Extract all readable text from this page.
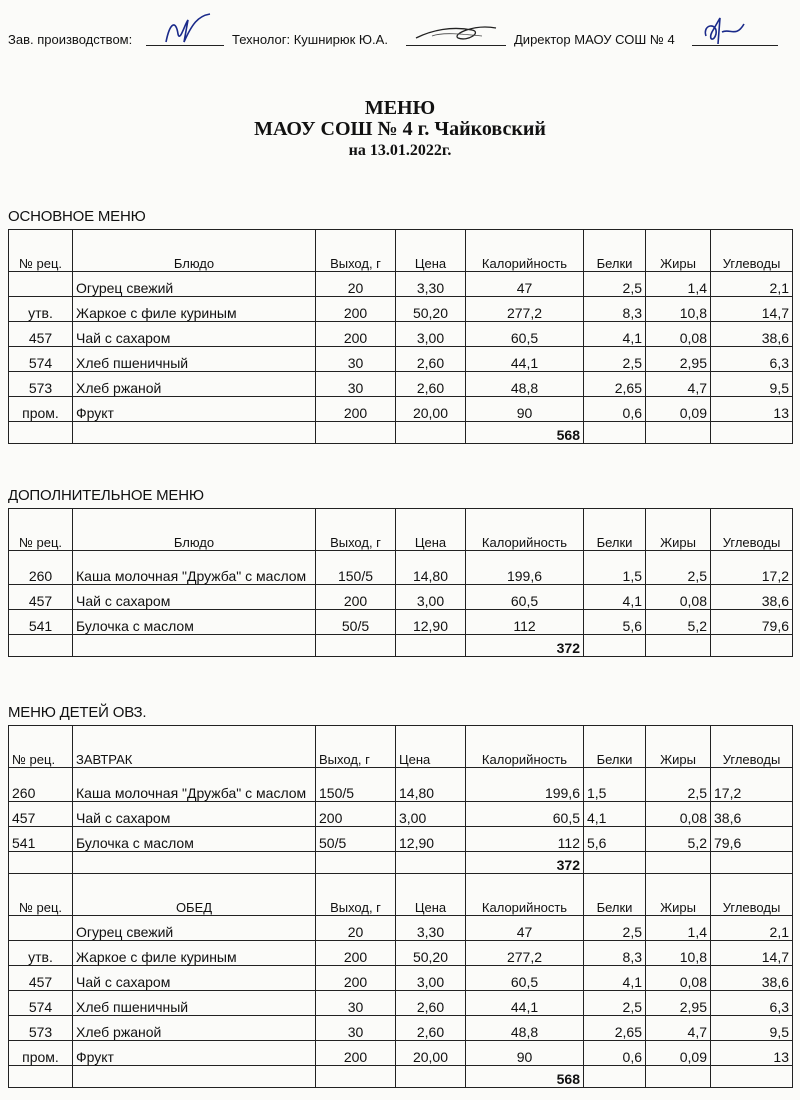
Зав. производством:	Технолог: Кушнирюк Ю.А.	Директор МАОУ СОШ № 4
МЕНЮ
МАОУ СОШ № 4 г. Чайковский
на 13.01.2022г.
ОСНОВНОЕ МЕНЮ
№ рец.	Блюдо	Выход, г	Цена	Калорийность	Белки	Жиры	Углеводы
	Огурец свежий	20	3,30	47	2,5	1,4	2,1
утв.	Жаркое с филе куриным	200	50,20	277,2	8,3	10,8	14,7
457	Чай с сахаром	200	3,00	60,5	4,1	0,08	38,6
574	Хлеб пшеничный	30	2,60	44,1	2,5	2,95	6,3
573	Хлеб ржаной	30	2,60	48,8	2,65	4,7	9,5
пром.	Фрукт	200	20,00	90	0,6	0,09	13
				568			
ДОПОЛНИТЕЛЬНОЕ МЕНЮ
№ рец.	Блюдо	Выход, г	Цена	Калорийность	Белки	Жиры	Углеводы
260	Каша молочная "Дружба" с маслом	150/5	14,80	199,6	1,5	2,5	17,2
457	Чай с сахаром	200	3,00	60,5	4,1	0,08	38,6
541	Булочка с маслом	50/5	12,90	112	5,6	5,2	79,6
				372			
МЕНЮ ДЕТЕЙ ОВЗ.
№ рец.	ЗАВТРАК	Выход, г	Цена	Калорийность	Белки	Жиры	Углеводы
260	Каша молочная "Дружба" с маслом	150/5	14,80	199,6	1,5	2,5	17,2
457	Чай с сахаром	200	3,00	60,5	4,1	0,08	38,6
541	Булочка с маслом	50/5	12,90	112	5,6	5,2	79,6
				372			
№ рец.	ОБЕД	Выход, г	Цена	Калорийность	Белки	Жиры	Углеводы
	Огурец свежий	20	3,30	47	2,5	1,4	2,1
утв.	Жаркое с филе куриным	200	50,20	277,2	8,3	10,8	14,7
457	Чай с сахаром	200	3,00	60,5	4,1	0,08	38,6
574	Хлеб пшеничный	30	2,60	44,1	2,5	2,95	6,3
573	Хлеб ржаной	30	2,60	48,8	2,65	4,7	9,5
пром.	Фрукт	200	20,00	90	0,6	0,09	13
				568			
